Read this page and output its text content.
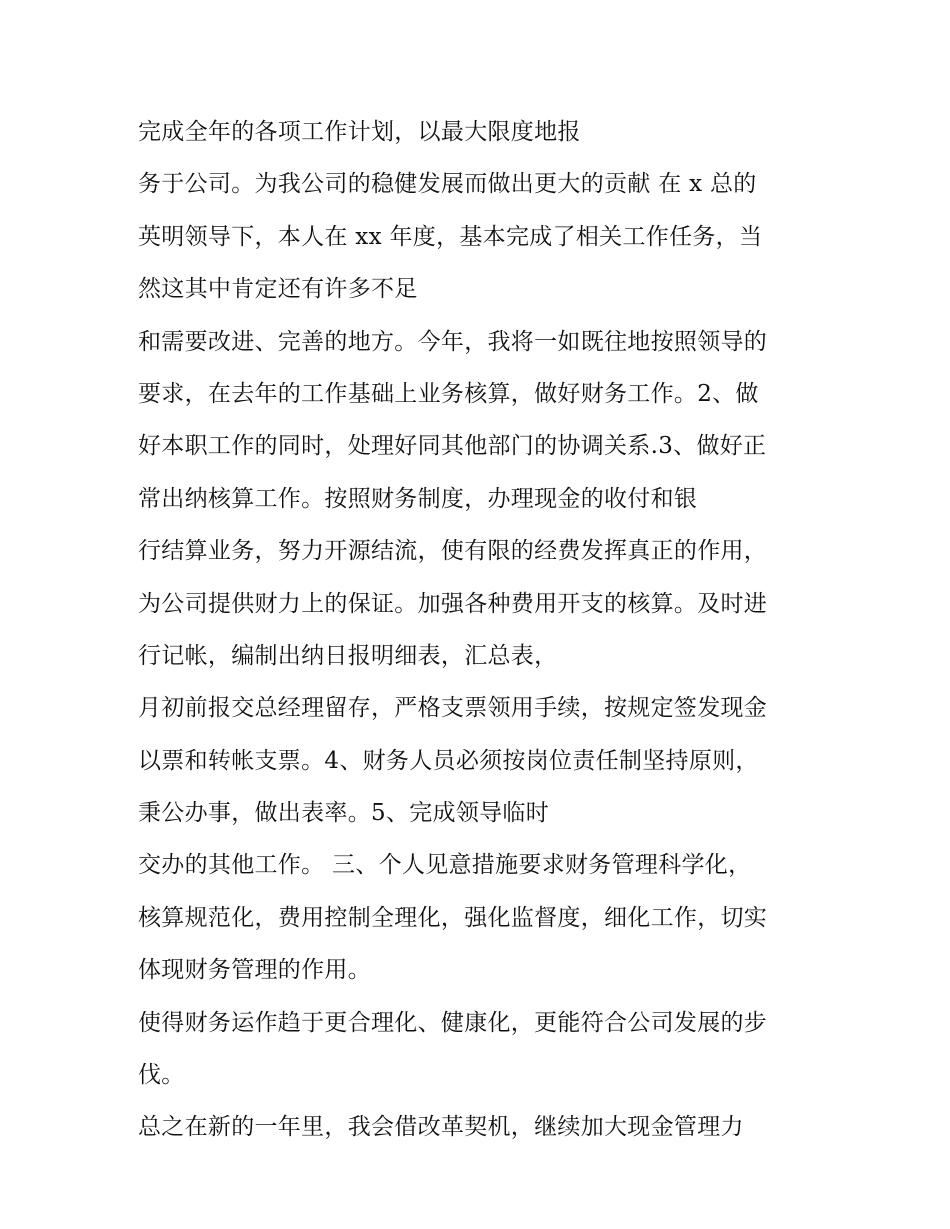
完成全年的各项工作计划，以最大限度地报
务于公司。为我公司的稳健发展而做出更大的贡献 在 x 总的
英明领导下，本人在 xx 年度，基本完成了相关工作任务，当
然这其中肯定还有许多不足
和需要改进、完善的地方。今年，我将一如既往地按照领导的
要求，在去年的工作基础上业务核算，做好财务工作。2、做
好本职工作的同时，处理好同其他部门的协调关系.3、做好正
常出纳核算工作。按照财务制度，办理现金的收付和银
行结算业务，努力开源结流，使有限的经费发挥真正的作用，
为公司提供财力上的保证。加强各种费用开支的核算。及时进
行记帐，编制出纳日报明细表，汇总表，
月初前报交总经理留存，严格支票领用手续，按规定签发现金
以票和转帐支票。4、财务人员必须按岗位责任制坚持原则，
秉公办事，做出表率。5、完成领导临时
交办的其他工作。 三、个人见意措施要求财务管理科学化，
核算规范化，费用控制全理化，强化监督度，细化工作，切实
体现财务管理的作用。
使得财务运作趋于更合理化、健康化，更能符合公司发展的步
伐。
总之在新的一年里，我会借改革契机，继续加大现金管理力
